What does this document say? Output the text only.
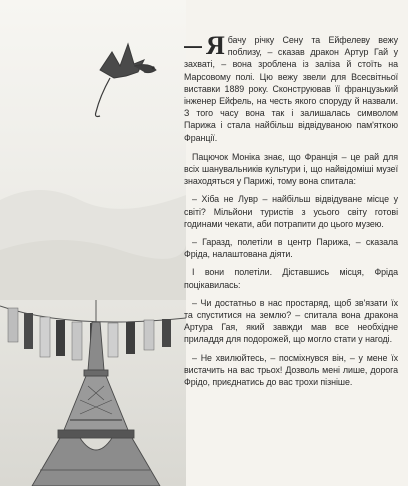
— Я бачу річку Сену та Ейфелеву вежу поблизу, – сказав дракон Артур Гай у захваті, – вона зроблена із заліза й стоїть на Марсовому полі. Цю вежу звели для Всесвітньої виставки 1889 року. Сконструював її французький інженер Ейфель, на честь якого споруду й назвали. З того часу вона так і залишалась символом Парижа і стала найбільш відвідуваною пам'яткою Франції.

Пацючок Моніка знає, що Франція – це рай для всіх шанувальників культури і, що найвідоміші музеї знаходяться у Парижі, тому вона спитала:

– Хіба не Лувр – найбільш відвідуване місце у світі? Мільйони туристів з усього світу готові годинами чекати, аби потрапити до цього музею.

– Гаразд, полетіли в центр Парижа, – сказала Фріда, налаштована діяти.

І вони полетіли. Діставшись місця, Фріда поцікавилась:

– Чи достатньо в нас простаряд, щоб зв'язати їх та спуститися на землю? – спитала вона дракона Артура Гая, який завжди мав все необхідне приладдя для подорожей, що могло стати у нагоді.

– Не хвилюйтесь, – посміхнувся він, – у мене їх вистачить на вас трьох! Дозволь мені лише, дорога Фрідо, приєднатись до вас трохи пізніше.
